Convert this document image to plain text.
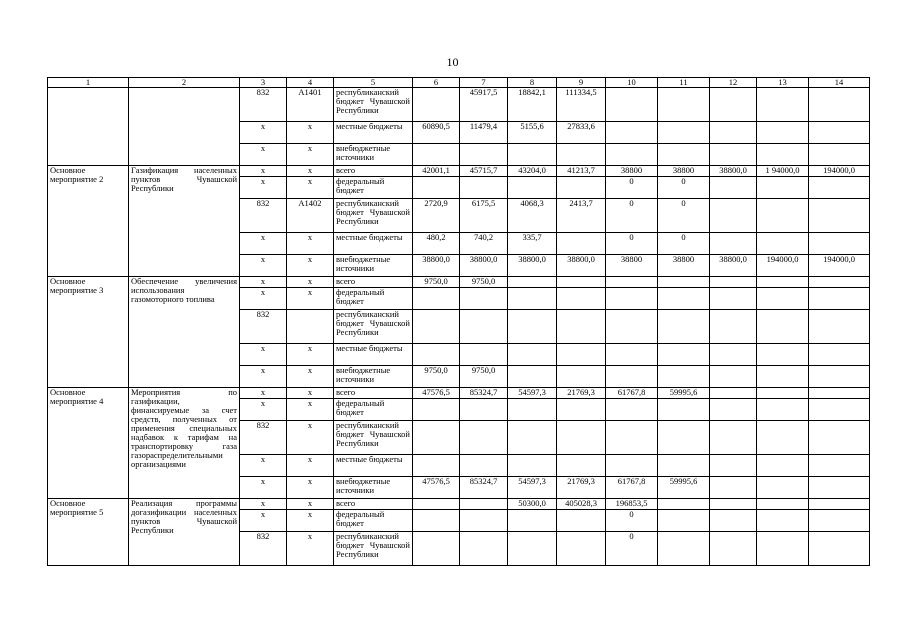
10
1	2	3	4	5	6	7	8	9	10	11	12	13	14
		832	А1401	республиканский бюджет Чувашской Республики		45917,5	18842,1	111334,5					
		x	x	местные бюджеты	60890,5	11479,4	5155,6	27833,6					
		x	x	внебюджетные источники									
Основное мероприятие 2	Газификация населенных пунктов Чувашской Республики	x	x	всего	42001,1	45715,7	43204,0	41213,7	38800	38800	38800,0	1 94000,0	194000,0
		x	x	федеральный бюджет					0	0			
		832	А1402	республиканский бюджет Чувашской Республики	2720,9	6175,5	4068,3	2413,7	0	0			
		x	x	местные бюджеты	480,2	740,2	335,7		0	0			
		x	x	внебюджетные источники	38800,0	38800,0	38800,0	38800,0	38800	38800	38800,0	194000,0	194000,0
Основное мероприятие 3	Обеспечение увеличения использования газомоторного топлива	x	x	всего	9750,0	9750,0							
		x	x	федеральный бюджет									
		832		республиканский бюджет Чувашской Республики									
		x	x	местные бюджеты									
		x	x	внебюджетные источники	9750,0	9750,0							
Основное мероприятие 4	Мероприятия по газификации, финансируемые за счет средств, полученных от применения специальных надбавок к тарифам на транспортировку газа газораспределительными организациями	x	x	всего	47576,5	85324,7	54597,3	21769,3	61767,8	59995,6			
		x	x	федеральный бюджет									
		832	x	республиканский бюджет Чувашской Республики									
		x	x	местные бюджеты									
		x	x	внебюджетные источники	47576,5	85324,7	54597,3	21769,3	61767,8	59995,6			
Основное мероприятие 5	Реализация программы догазификации населенных пунктов Чувашской Республики	x	x	всего			50300,0	405028,3	196853,5				
		x	x	федеральный бюджет					0				
		832	x	республиканский бюджет Чувашской Республики					0				
